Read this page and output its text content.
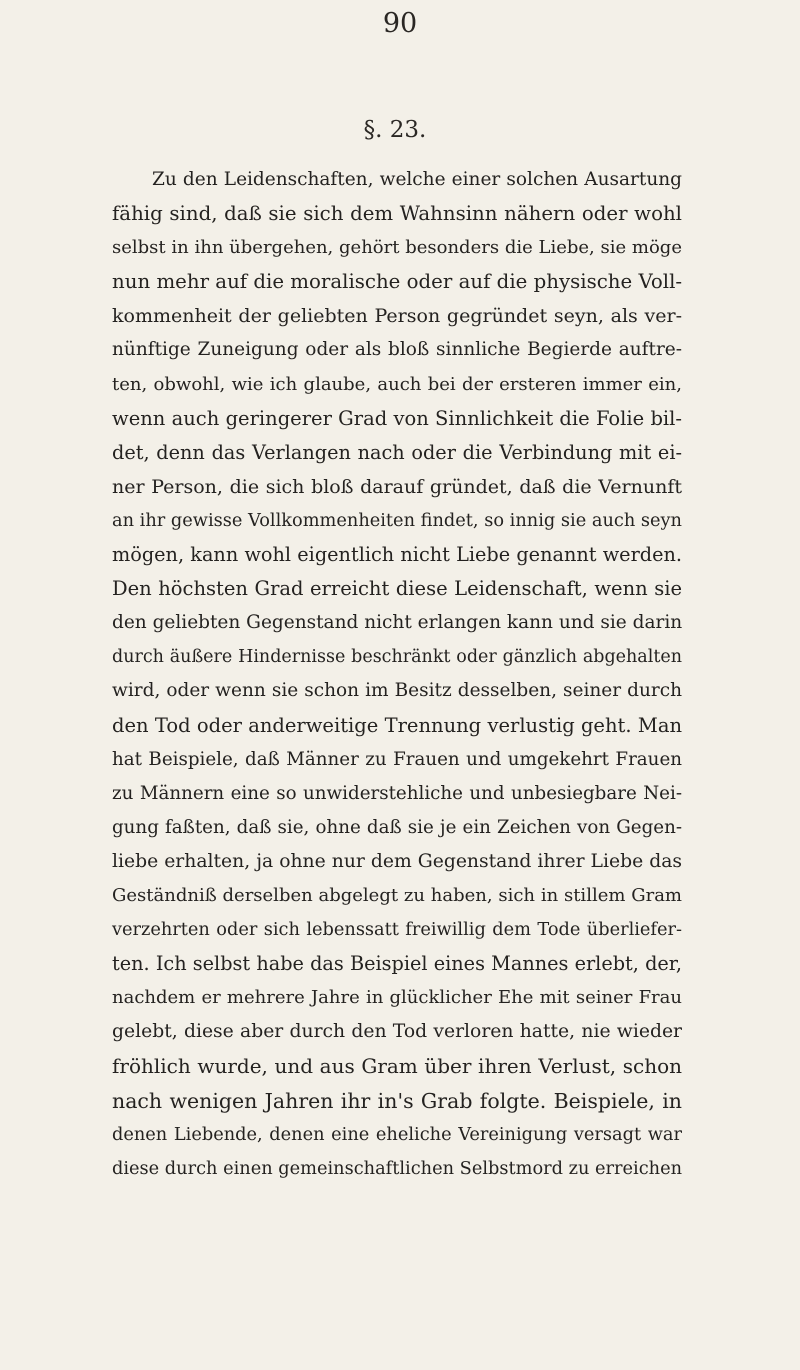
90
§. 23.
Zu den Leidenschaften, welche einer solchen Ausartung
fähig sind, daß sie sich dem Wahnsinn nähern oder wohl
selbst in ihn übergehen, gehört besonders die Liebe, sie möge
nun mehr auf die moralische oder auf die physische Voll-
kommenheit der geliebten Person gegründet seyn, als ver-
nünftige Zuneigung oder als bloß sinnliche Begierde auftre-
ten, obwohl, wie ich glaube, auch bei der ersteren immer ein,
wenn auch geringerer Grad von Sinnlichkeit die Folie bil-
det, denn das Verlangen nach oder die Verbindung mit ei-
ner Person, die sich bloß darauf gründet, daß die Vernunft
an ihr gewisse Vollkommenheiten findet, so innig sie auch seyn
mögen, kann wohl eigentlich nicht Liebe genannt werden.
Den höchsten Grad erreicht diese Leidenschaft, wenn sie
den geliebten Gegenstand nicht erlangen kann und sie darin
durch äußere Hindernisse beschränkt oder gänzlich abgehalten
wird, oder wenn sie schon im Besitz desselben, seiner durch
den Tod oder anderweitige Trennung verlustig geht. Man
hat Beispiele, daß Männer zu Frauen und umgekehrt Frauen
zu Männern eine so unwiderstehliche und unbesiegbare Nei-
gung faßten, daß sie, ohne daß sie je ein Zeichen von Gegen-
liebe erhalten, ja ohne nur dem Gegenstand ihrer Liebe das
Geständniß derselben abgelegt zu haben, sich in stillem Gram
verzehrten oder sich lebenssatt freiwillig dem Tode überliefer-
ten. Ich selbst habe das Beispiel eines Mannes erlebt, der,
nachdem er mehrere Jahre in glücklicher Ehe mit seiner Frau
gelebt, diese aber durch den Tod verloren hatte, nie wieder
fröhlich wurde, und aus Gram über ihren Verlust, schon
nach wenigen Jahren ihr in's Grab folgte. Beispiele, in
denen Liebende, denen eine eheliche Vereinigung versagt war
diese durch einen gemeinschaftlichen Selbstmord zu erreichen
